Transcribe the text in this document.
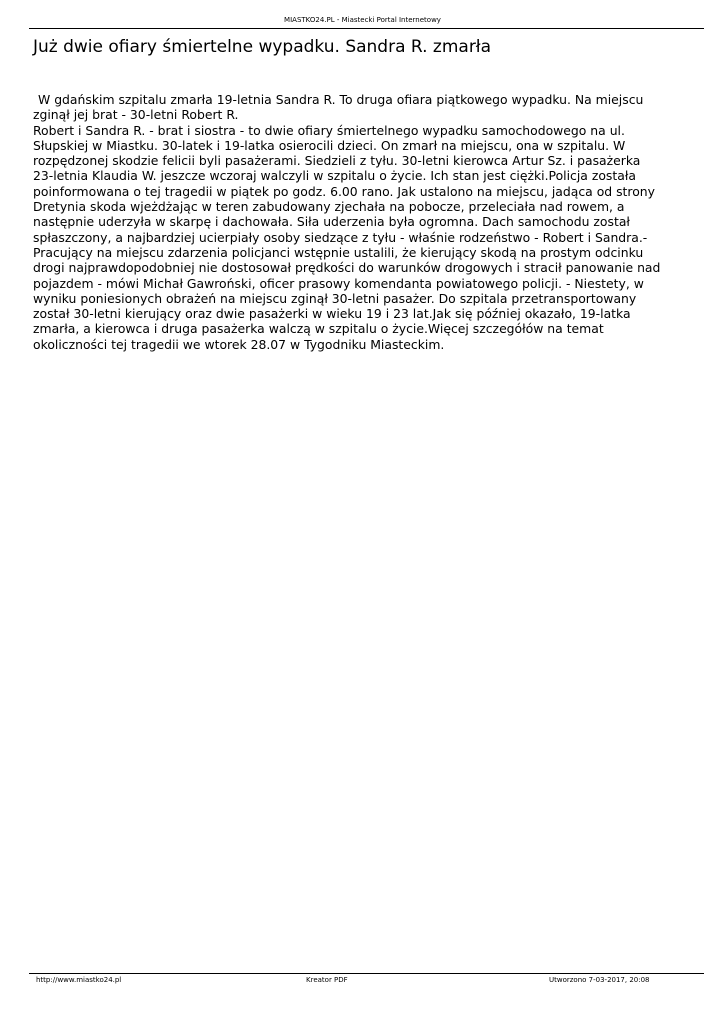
MIASTKO24.PL - Miastecki Portal Internetowy
Już dwie ofiary śmiertelne wypadku. Sandra R. zmarła

W gdańskim szpitalu zmarła 19-letnia Sandra R. To druga ofiara piątkowego wypadku. Na miejscu zginął jej brat - 30-letni Robert R.

Robert i Sandra R. - brat i siostra - to dwie ofiary śmiertelnego wypadku samochodowego na ul. Słupskiej w Miastku. 30-latek i 19-latka osierocili dzieci. On zmarł na miejscu, ona w szpitalu. W rozpędzonej skodzie felicii byli pasażerami. Siedzieli z tyłu. 30-letni kierowca Artur Sz. i pasażerka 23-letnia Klaudia W. jeszcze wczoraj walczyli w szpitalu o życie. Ich stan jest ciężki.Policja została poinformowana o tej tragedii w piątek po godz. 6.00 rano. Jak ustalono na miejscu, jadąca od strony Dretynia skoda wjeżdżając w teren zabudowany zjechała na pobocze, przeleciała nad rowem, a następnie uderzyła w skarpę i dachowała. Siła uderzenia była ogromna. Dach samochodu został spłaszczony, a najbardziej ucierpiały osoby siedzące z tyłu - właśnie rodzeństwo - Robert i Sandra.- Pracujący na miejscu zdarzenia policjanci wstępnie ustalili, że kierujący skodą na prostym odcinku drogi najprawdopodobniej nie dostosował prędkości do warunków drogowych i stracił panowanie nad pojazdem - mówi Michał Gawroński, oficer prasowy komendanta powiatowego policji. - Niestety, w wyniku poniesionych obrażeń na miejscu zginął 30-letni pasażer. Do szpitala przetransportowany został 30-letni kierujący oraz dwie pasażerki w wieku 19 i 23 lat.Jak się później okazało, 19-latka zmarła, a kierowca i druga pasażerka walczą w szpitalu o życie.Więcej szczegółów na temat okoliczności tej tragedii we wtorek 28.07 w Tygodniku Miasteckim.

http://www.miastko24.pl	Kreator PDF	Utworzono 7-03-2017, 20:08
